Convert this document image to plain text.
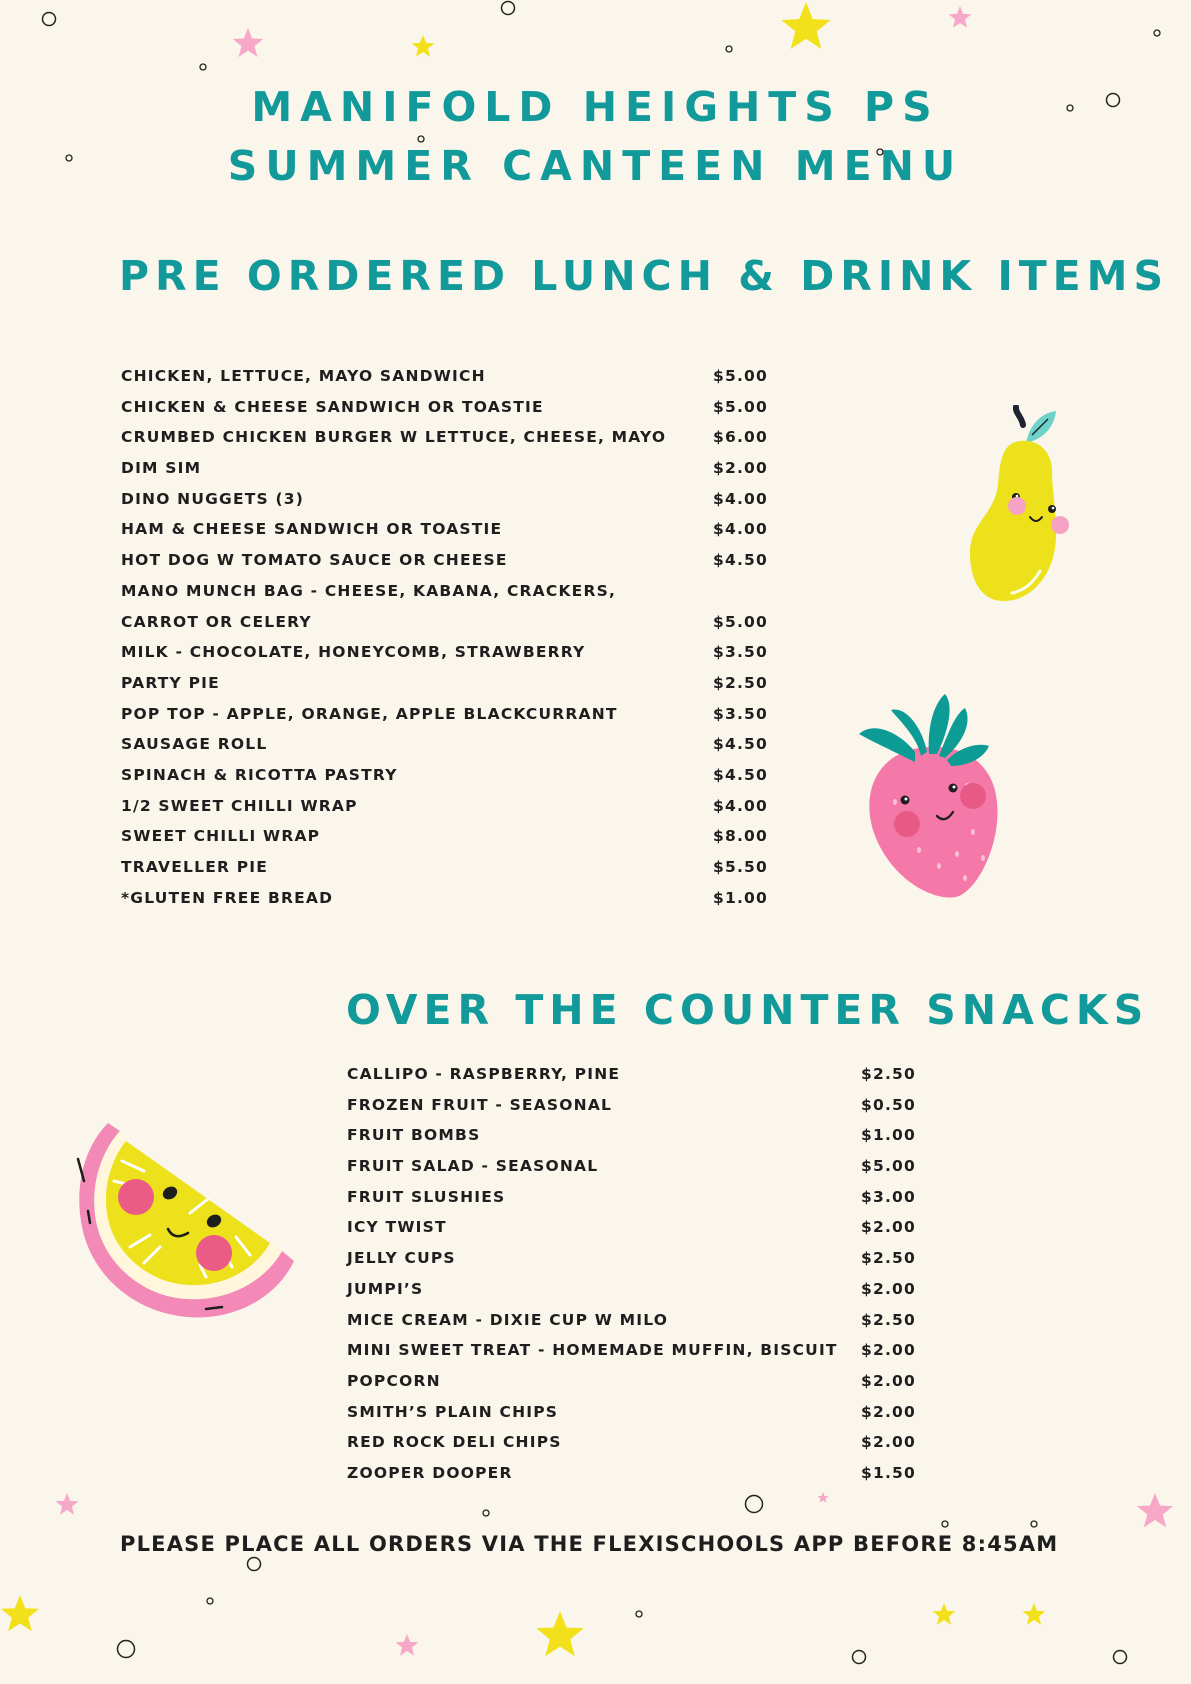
MANIFOLD HEIGHTS PS
SUMMER CANTEEN MENU
PRE ORDERED LUNCH & DRINK ITEMS
CHICKEN, LETTUCE, MAYO SANDWICH	$5.00
CHICKEN & CHEESE SANDWICH OR TOASTIE	$5.00
CRUMBED CHICKEN BURGER W LETTUCE, CHEESE, MAYO	$6.00
DIM SIM	$2.00
DINO NUGGETS (3)	$4.00
HAM & CHEESE SANDWICH OR TOASTIE	$4.00
HOT DOG W TOMATO SAUCE OR CHEESE	$4.50
MANO MUNCH BAG - CHEESE, KABANA, CRACKERS,
CARROT OR CELERY	$5.00
MILK - CHOCOLATE, HONEYCOMB, STRAWBERRY	$3.50
PARTY PIE	$2.50
POP TOP - APPLE, ORANGE, APPLE BLACKCURRANT	$3.50
SAUSAGE ROLL	$4.50
SPINACH & RICOTTA PASTRY	$4.50
1/2 SWEET CHILLI WRAP	$4.00
SWEET CHILLI WRAP	$8.00
TRAVELLER PIE	$5.50
*GLUTEN FREE BREAD	$1.00
OVER THE COUNTER SNACKS
CALLIPO - RASPBERRY, PINE	$2.50
FROZEN FRUIT - SEASONAL	$0.50
FRUIT BOMBS	$1.00
FRUIT SALAD - SEASONAL	$5.00
FRUIT SLUSHIES	$3.00
ICY TWIST	$2.00
JELLY CUPS	$2.50
JUMPI’S	$2.00
MICE CREAM - DIXIE CUP W MILO	$2.50
MINI SWEET TREAT - HOMEMADE MUFFIN, BISCUIT $2.00
POPCORN	$2.00
SMITH’S PLAIN CHIPS	$2.00
RED ROCK DELI CHIPS	$2.00
ZOOPER DOOPER	$1.50
PLEASE PLACE ALL ORDERS VIA THE FLEXISCHOOLS APP BEFORE 8:45AM
